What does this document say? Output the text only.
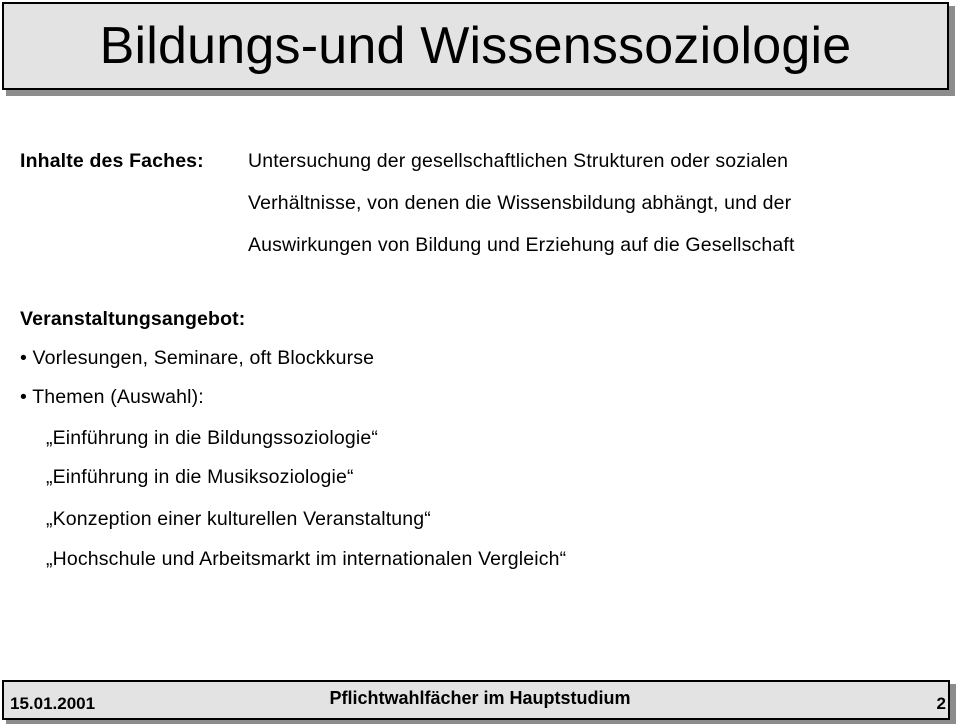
Bildungs-und Wissenssoziologie
Inhalte des Faches: Untersuchung der gesellschaftlichen Strukturen oder sozialen
Verhältnisse, von denen die Wissensbildung abhängt, und der
Auswirkungen von Bildung und Erziehung auf die Gesellschaft
Veranstaltungsangebot:
• Vorlesungen, Seminare, oft Blockkurse
• Themen (Auswahl):
„Einführung in die Bildungssoziologie“
„Einführung in die Musiksoziologie“
„Konzeption einer kulturellen Veranstaltung“
„Hochschule und Arbeitsmarkt im internationalen Vergleich“
15.01.2001	Pflichtwahlfächer im Hauptstudium	2
